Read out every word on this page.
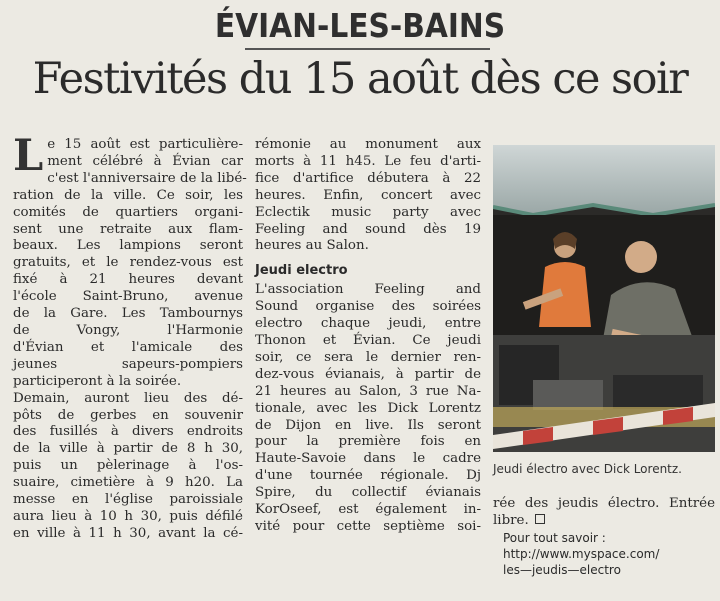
ÉVIAN-LES-BAINS
Festivités du 15 août dès ce soir
L e 15 août est particulière-
ment célébré à Évian car
c'est l'anniversaire de la libé-
ration de la ville. Ce soir, les
comités de quartiers organi-
sent une retraite aux flam-
beaux. Les lampions seront
gratuits, et le rendez-vous est
fixé à 21 heures devant
l'école Saint-Bruno, avenue
de la Gare. Les Tambournys
de Vongy, l'Harmonie
d'Évian et l'amicale des
jeunes sapeurs-pompiers
participeront à la soirée.
Demain, auront lieu des dé-
pôts de gerbes en souvenir
des fusillés à divers endroits
de la ville à partir de 8 h 30,
puis un pèlerinage à l'os-
suaire, cimetière à 9 h20. La
messe en l'église paroissiale
aura lieu à 10 h 30, puis défilé
en ville à 11 h 30, avant la cé-
rémonie au monument aux
morts à 11 h45. Le feu d'arti-
fice d'artifice débutera à 22
heures. Enfin, concert avec
Eclectik music party avec
Feeling and sound dès 19
heures au Salon.
Jeudi electro
L'association Feeling and
Sound organise des soirées
electro chaque jeudi, entre
Thonon et Évian. Ce jeudi
soir, ce sera le dernier ren-
dez-vous évianais, à partir de
21 heures au Salon, 3 rue Na-
tionale, avec les Dick Lorentz
de Dijon en live. Ils seront
pour la première fois en
Haute-Savoie dans le cadre
d'une tournée régionale. Dj
Spire, du collectif évianais
KorOseef, est également in-
vité pour cette septième soi-
Jeudi électro avec Dick Lorentz.
rée des jeudis électro. Entrée
libre.
Pour tout savoir :
http://www.myspace.com/
les—jeudis—electro
